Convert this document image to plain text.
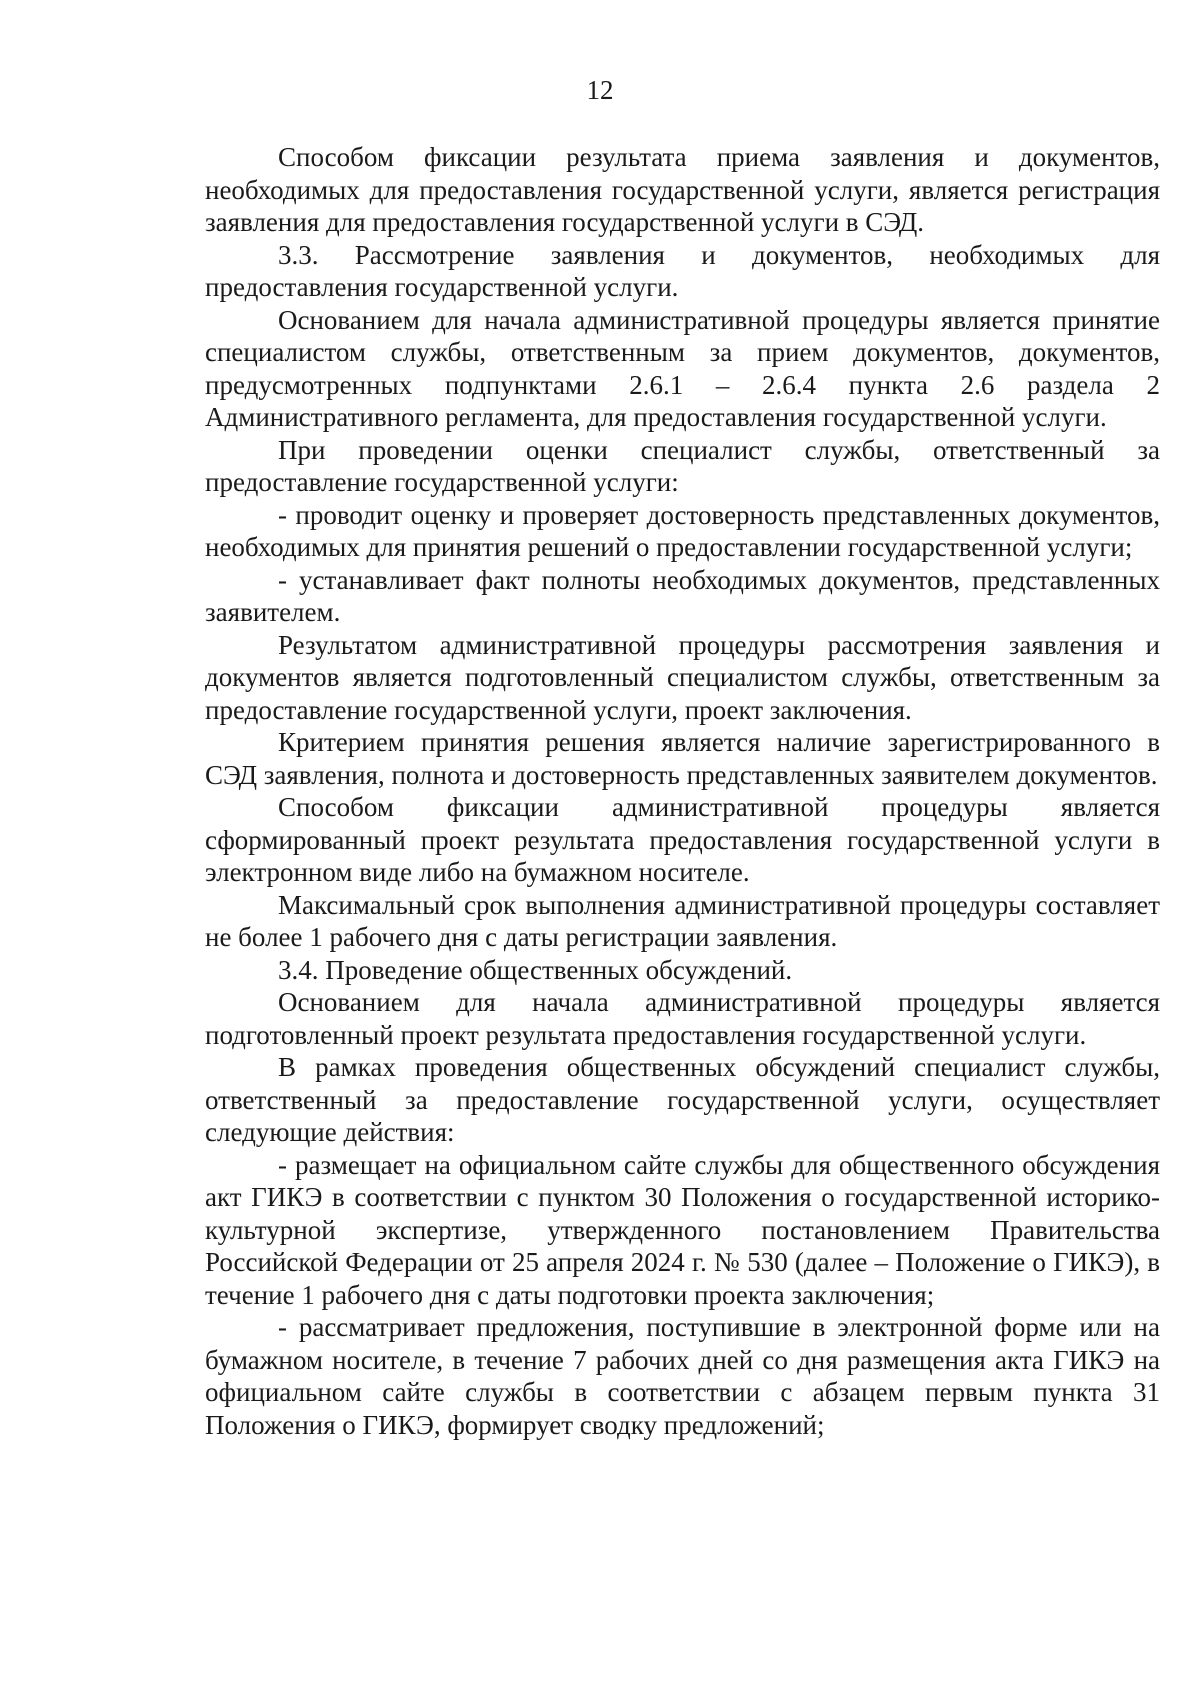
12

Способом фиксации результата приема заявления и документов, необходимых для предоставления государственной услуги, является регистрация заявления для предоставления государственной услуги в СЭД.

3.3. Рассмотрение заявления и документов, необходимых для предоставления государственной услуги.

Основанием для начала административной процедуры является принятие специалистом службы, ответственным за прием документов, документов, предусмотренных подпунктами 2.6.1 – 2.6.4 пункта 2.6 раздела 2 Административного регламента, для предоставления государственной услуги.

При проведении оценки специалист службы, ответственный за предоставление государственной услуги:

- проводит оценку и проверяет достоверность представленных документов, необходимых для принятия решений о предоставлении государственной услуги;

- устанавливает факт полноты необходимых документов, представленных заявителем.

Результатом административной процедуры рассмотрения заявления и документов является подготовленный специалистом службы, ответственным за предоставление государственной услуги, проект заключения.

Критерием принятия решения является наличие зарегистрированного в СЭД заявления, полнота и достоверность представленных заявителем документов.

Способом фиксации административной процедуры является сформированный проект результата предоставления государственной услуги в электронном виде либо на бумажном носителе.

Максимальный срок выполнения административной процедуры составляет не более 1 рабочего дня с даты регистрации заявления.

3.4. Проведение общественных обсуждений.

Основанием для начала административной процедуры является подготовленный проект результата предоставления государственной услуги.

В рамках проведения общественных обсуждений специалист службы, ответственный за предоставление государственной услуги, осуществляет следующие действия:

- размещает на официальном сайте службы для общественного обсуждения акт ГИКЭ в соответствии с пунктом 30 Положения о государственной историко-культурной экспертизе, утвержденного постановлением Правительства Российской Федерации от 25 апреля 2024 г. № 530 (далее – Положение о ГИКЭ), в течение 1 рабочего дня с даты подготовки проекта заключения;

- рассматривает предложения, поступившие в электронной форме или на бумажном носителе, в течение 7 рабочих дней со дня размещения акта ГИКЭ на официальном сайте службы в соответствии с абзацем первым пункта 31 Положения о ГИКЭ, формирует сводку предложений;
